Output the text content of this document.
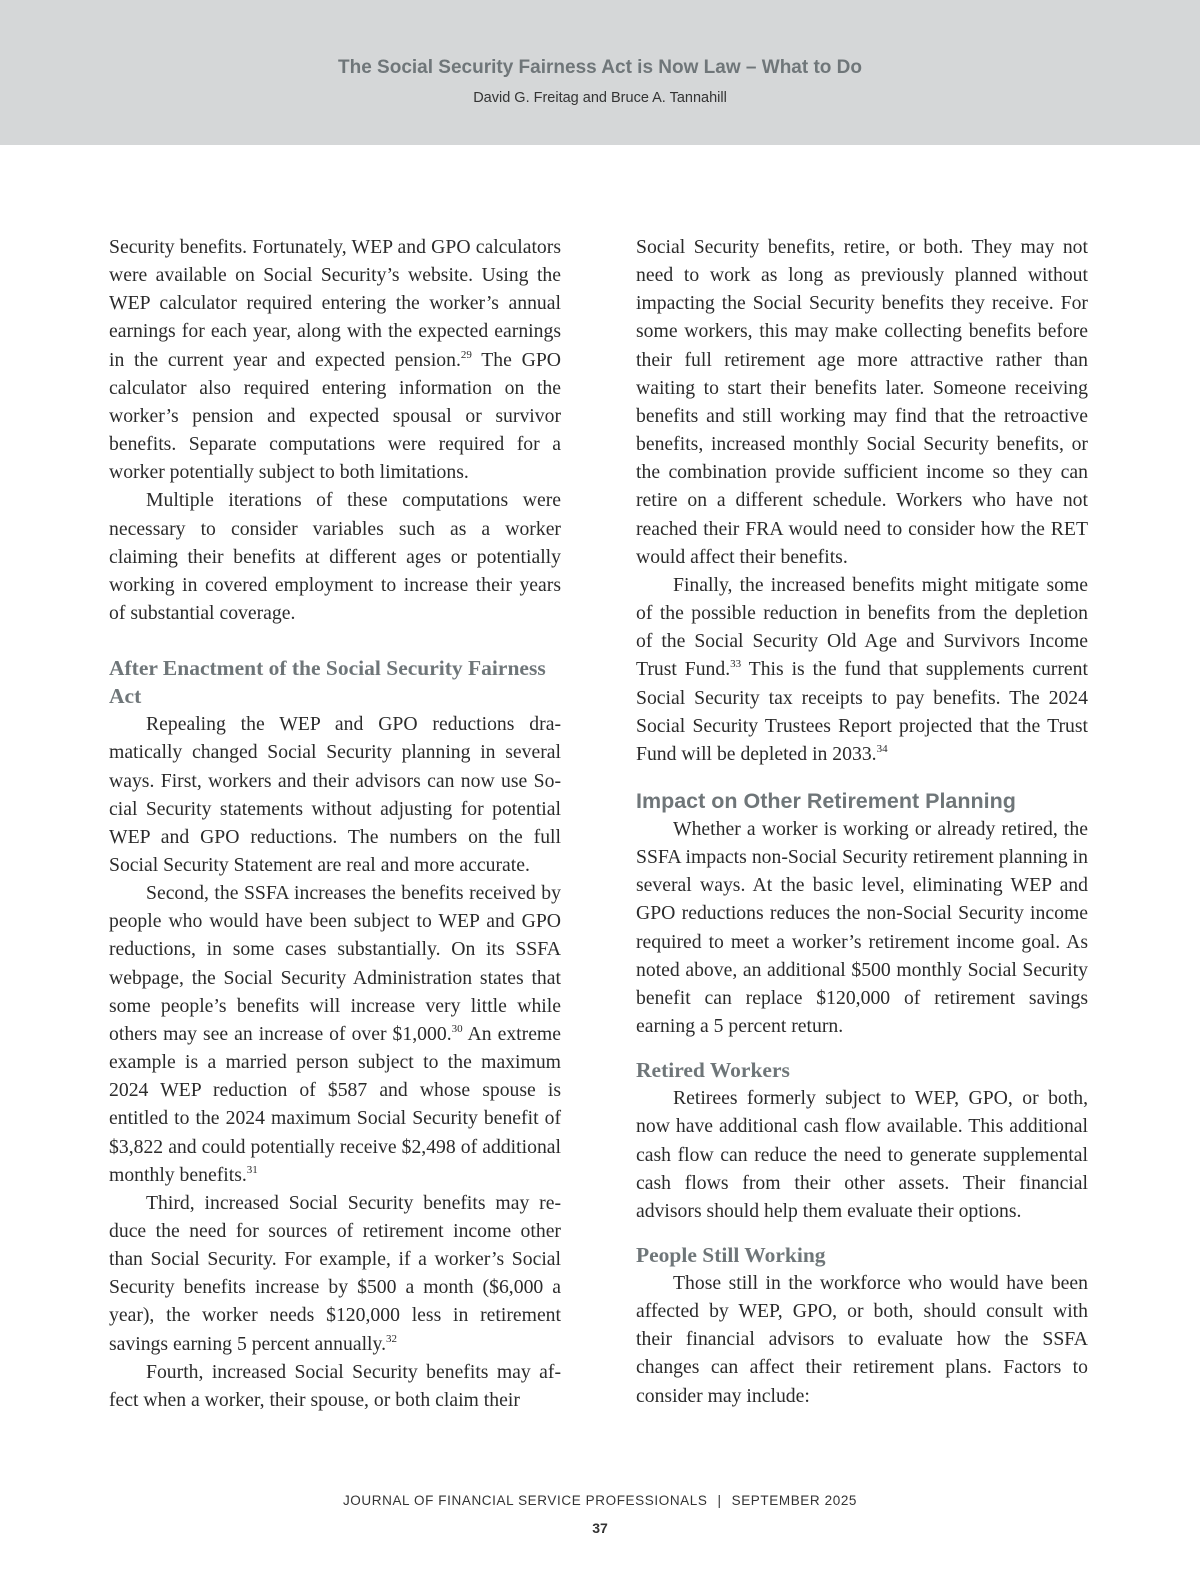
The Social Security Fairness Act is Now Law – What to Do
David G. Freitag and Bruce A. Tannahill

Security benefits. Fortunately, WEP and GPO calculators were available on Social Security’s website. Using the WEP calculator required entering the worker’s annual earnings for each year, along with the expected earnings in the current year and expected pension.$^{29}$ The GPO calculator also required entering information on the worker’s pension and expected spousal or survivor benefits. Separate computations were required for a worker potentially subject to both limitations.

Multiple iterations of these computations were necessary to consider variables such as a worker claiming their benefits at different ages or potentially working in covered employment to increase their years of substantial coverage.

After Enactment of the Social Security Fairness Act

Repealing the WEP and GPO reductions dramatically changed Social Security planning in several ways. First, workers and their advisors can now use Social Security statements without adjusting for potential WEP and GPO reductions. The numbers on the full Social Security Statement are real and more accurate.

Second, the SSFA increases the benefits received by people who would have been subject to WEP and GPO reductions, in some cases substantially. On its SSFA webpage, the Social Security Administration states that some people’s benefits will increase very little while others may see an increase of over $1,000.30 An extreme example is a married person subject to the maximum 2024 WEP reduction of $587 and whose spouse is entitled to the 2024 maximum Social Security benefit of $3,822 and could potentially receive $2,498 of additional monthly benefits.$^{31}$

Third, increased Social Security benefits may reduce the need for sources of retirement income other than Social Security. For example, if a worker’s Social Security benefits increase by $500 a month ($6,000 a year), the worker needs $120,000 less in retirement savings earning 5 percent annually.$^{32}$

Fourth, increased Social Security benefits may affect when a worker, their spouse, or both claim their

Social Security benefits, retire, or both. They may not need to work as long as previously planned without impacting the Social Security benefits they receive. For some workers, this may make collecting benefits before their full retirement age more attractive rather than waiting to start their benefits later. Someone receiving benefits and still working may find that the retroactive benefits, increased monthly Social Security benefits, or the combination provide sufficient income so they can retire on a different schedule. Workers who have not reached their FRA would need to consider how the RET would affect their benefits.

Finally, the increased benefits might mitigate some of the possible reduction in benefits from the depletion of the Social Security Old Age and Survivors Income Trust Fund.$^{33}$ This is the fund that supplements current Social Security tax receipts to pay benefits. The 2024 Social Security Trustees Report projected that the Trust Fund will be depleted in 2033.34

Impact on Other Retirement Planning

Whether a worker is working or already retired, the SSFA impacts non-Social Security retirement planning in several ways. At the basic level, eliminating WEP and GPO reductions reduces the non-Social Security income required to meet a worker’s retirement income goal. As noted above, an additional $500 monthly Social Security benefit can replace $120,000 of retirement savings earning a 5 percent return.

Retired Workers

Retirees formerly subject to WEP, GPO, or both, now have additional cash flow available. This additional cash flow can reduce the need to generate supplemental cash flows from their other assets. Their financial advisors should help them evaluate their options.

People Still Working

Those still in the workforce who would have been affected by WEP, GPO, or both, should consult with their financial advisors to evaluate how the SSFA changes can affect their retirement plans. Factors to consider may include:

JOURNAL OF FINANCIAL SERVICE PROFESSIONALS | SEPTEMBER 2025
37
